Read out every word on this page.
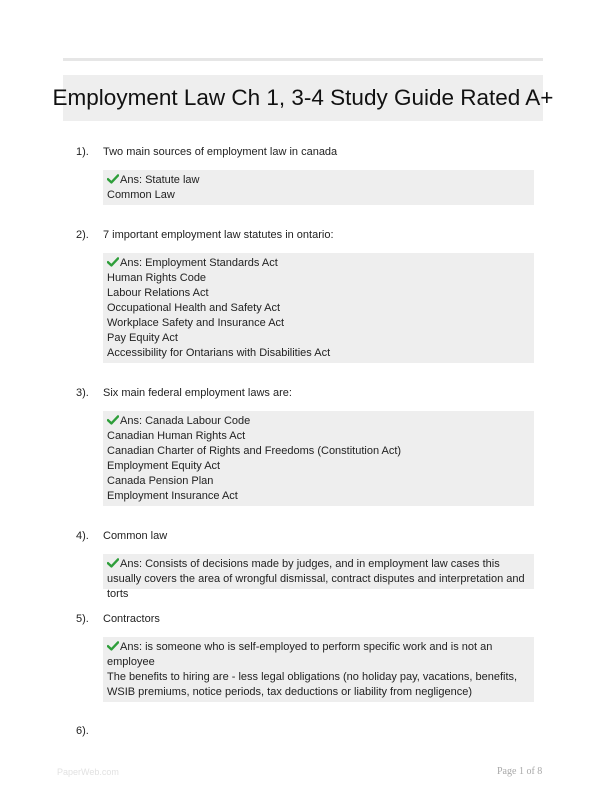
Employment Law Ch 1, 3-4 Study Guide Rated A+
1). Two main sources of employment law in canada
Ans: Statute law
Common Law
2). 7 important employment law statutes in ontario:
Ans: Employment Standards Act
Human Rights Code
Labour Relations Act
Occupational Health and Safety Act
Workplace Safety and Insurance Act
Pay Equity Act
Accessibility for Ontarians with Disabilities Act
3). Six main federal employment laws are:
Ans: Canada Labour Code
Canadian Human Rights Act
Canadian Charter of Rights and Freedoms (Constitution Act)
Employment Equity Act
Canada Pension Plan
Employment Insurance Act
4). Common law
Ans: Consists of decisions made by judges, and in employment law cases this usually covers the area of wrongful dismissal, contract disputes and interpretation and torts
5). Contractors
Ans: is someone who is self-employed to perform specific work and is not an employee
The benefits to hiring are - less legal obligations (no holiday pay, vacations, benefits, WSIB premiums, notice periods, tax deductions or liability from negligence)
6).
PaperWeb.com	Page 1 of 8
